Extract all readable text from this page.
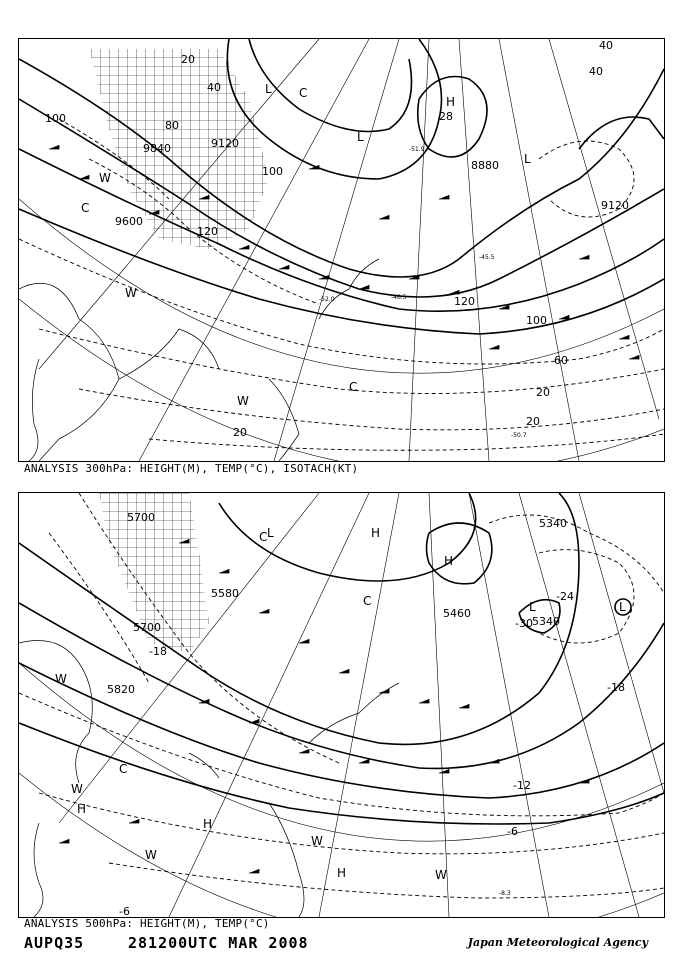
20
40
100
80
100
120
120
100
60
20
20
20
40
40
9840	9120
9600
8880
9120
-51.9
-52.0
-50.7
-46.5
-45.5
H
28
L C
L
L
W
W
W
C
C
ANALYSIS 300hPa: HEIGHT(M), TEMP(°C), ISOTACH(KT)
5700
5580
5700
5820
5460
5340
5340
-18
-24
-30
-18
-12
-6
-6
-8.3
H
H
H
H
H
L
L	L
C
C
C
W
W
W
W
W
ANALYSIS 500hPa: HEIGHT(M), TEMP(°C)
AUPQ35	281200UTC MAR 2008	Japan Meteorological Agency
